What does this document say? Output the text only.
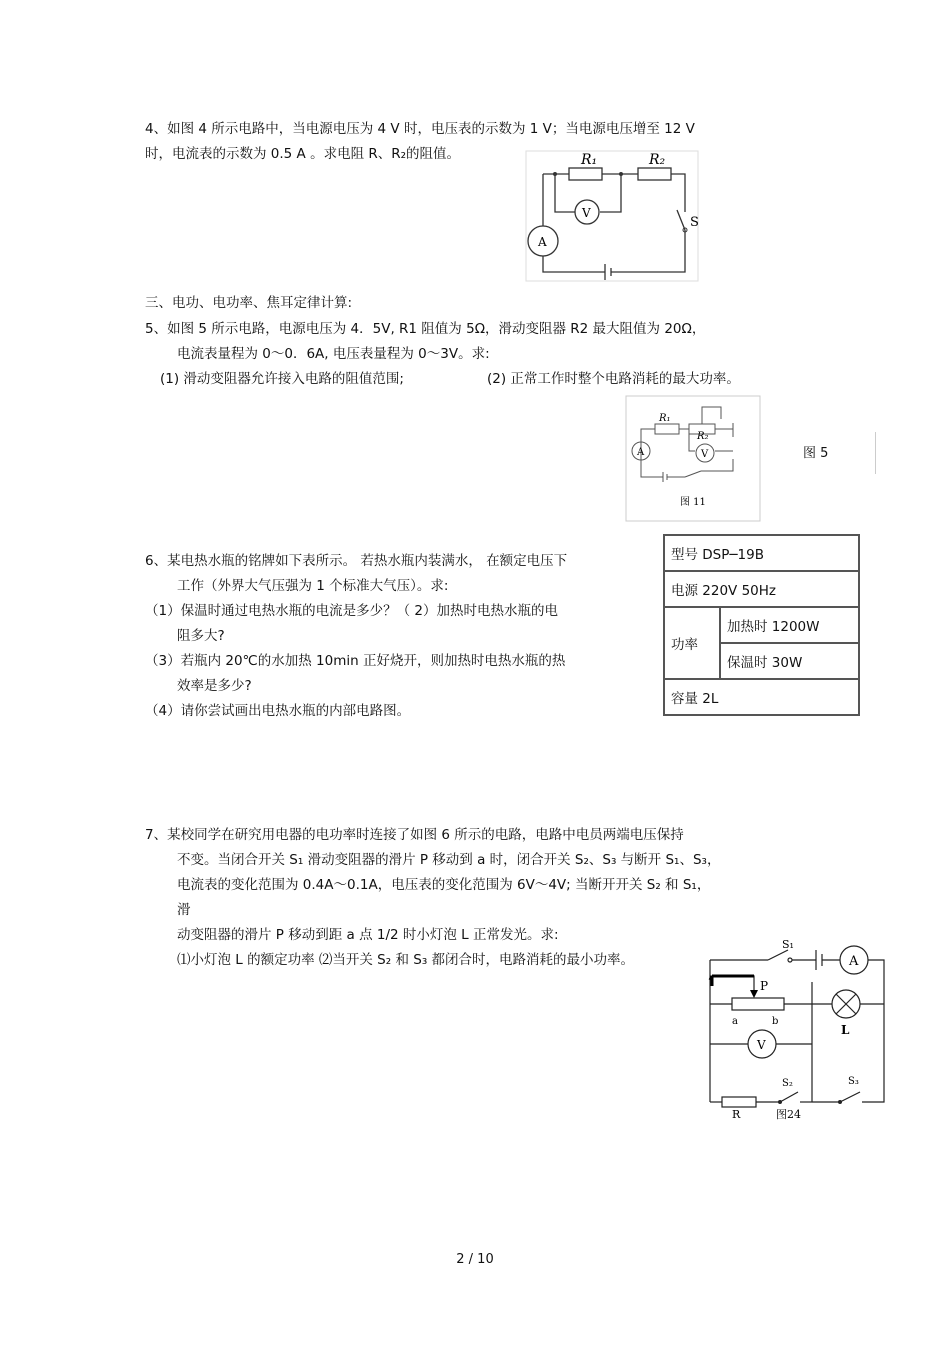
4、如图 4 所示电路中，当电源电压为 4 V 时，电压表的示数为 1 V；当电源电压增至 12 V
时，电流表的示数为 0.5 A 。求电阻 R、R₂的阻值。	R₁	R₂
V
A
S
三、电功、电功率、焦耳定律计算:
5、如图 5 所示电路，电源电压为 4．5V, R1 阻值为 5Ω，滑动变阻器 R2 最大阻值为 20Ω，
电流表量程为 0～0．6A, 电压表量程为 0～3V。求:
(1) 滑动变阻器允许接入电路的阻值范围;	(2) 正常工作时整个电路消耗的最大功率。
A	V
R₁
R₂
图 11
图 5
6、某电热水瓶的铭牌如下表所示。 若热水瓶内装满水， 在额定电压下
工作（外界大气压强为 1 个标准大气压）。求:
（1）保温时通过电热水瓶的电流是多少？（ 2）加热时电热水瓶的电
阻多大?
（3）若瓶内 20℃的水加热 10min 正好烧开，则加热时电热水瓶的热
效率是多少?
（4）请你尝试画出电热水瓶的内部电路图。
型号 DSP─19B
电源 220V 50Hz
功率	加热时 1200W
保温时 30W
容量 2L
7、某校同学在研究用电器的电功率时连接了如图 6 所示的电路，电路中电员两端电压保持
不变。当闭合开关 S₁ 滑动变阻器的滑片 P 移动到 a 时，闭合开关 S₂、S₃ 与断开 S₁、S₃，
电流表的变化范围为 0.4A～0.1A，电压表的变化范围为 6V～4V; 当断开开关 S₂ 和 S₁，
滑
动变阻器的滑片 P 移动到距 a 点 1/2 时小灯泡 L 正常发光。求:
⑴小灯泡 L 的额定功率 ⑵当开关 S₂ 和 S₃ 都闭合时，电路消耗的最小功率。
S₁
A
P
a	b
L
V
S₂	S₃
R	图24
2 / 10
